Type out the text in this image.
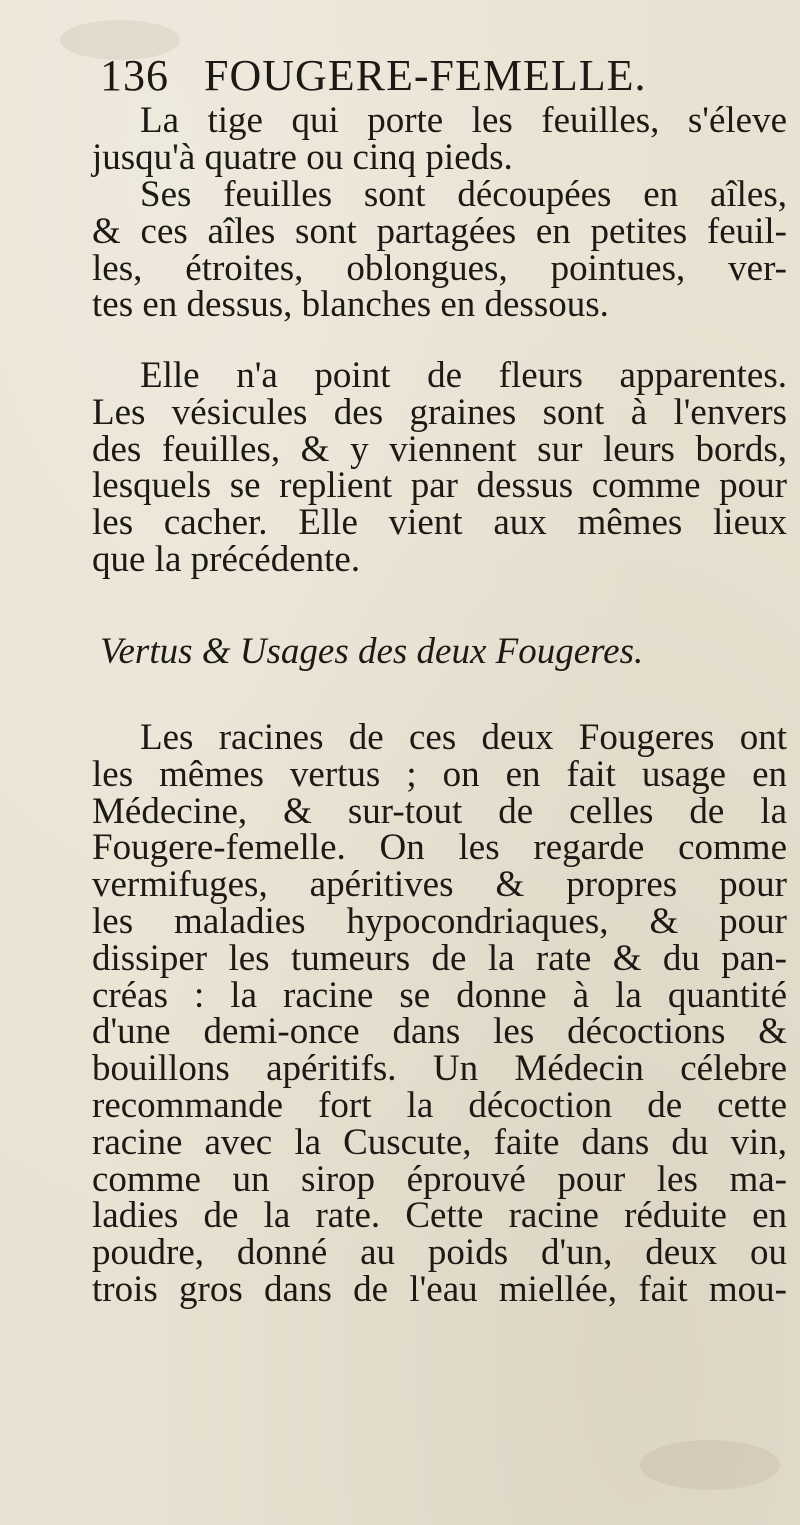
136 FOUGERE-FEMELLE.
La tige qui porte les feuilles, s'éleve
jusqu'à quatre ou cinq pieds.
Ses feuilles sont découpées en aîles,
& ces aîles sont partagées en petites feuil-
les, étroites, oblongues, pointues, ver-
tes en dessus, blanches en dessous.
Elle n'a point de fleurs apparentes.
Les vésicules des graines sont à l'envers
des feuilles, & y viennent sur leurs bords,
lesquels se replient par dessus comme pour
les cacher. Elle vient aux mêmes lieux
que la précédente.
Vertus & Usages des deux Fougeres.
Les racines de ces deux Fougeres ont
les mêmes vertus ; on en fait usage en
Médecine, & sur-tout de celles de la
Fougere-femelle. On les regarde comme
vermifuges, apéritives & propres pour
les maladies hypocondriaques, & pour
dissiper les tumeurs de la rate & du pan-
créas : la racine se donne à la quantité
d'une demi-once dans les décoctions &
bouillons apéritifs. Un Médecin célebre
recommande fort la décoction de cette
racine avec la Cuscute, faite dans du vin,
comme un sirop éprouvé pour les ma-
ladies de la rate. Cette racine réduite en
poudre, donné au poids d'un, deux ou
trois gros dans de l'eau miellée, fait mou-
